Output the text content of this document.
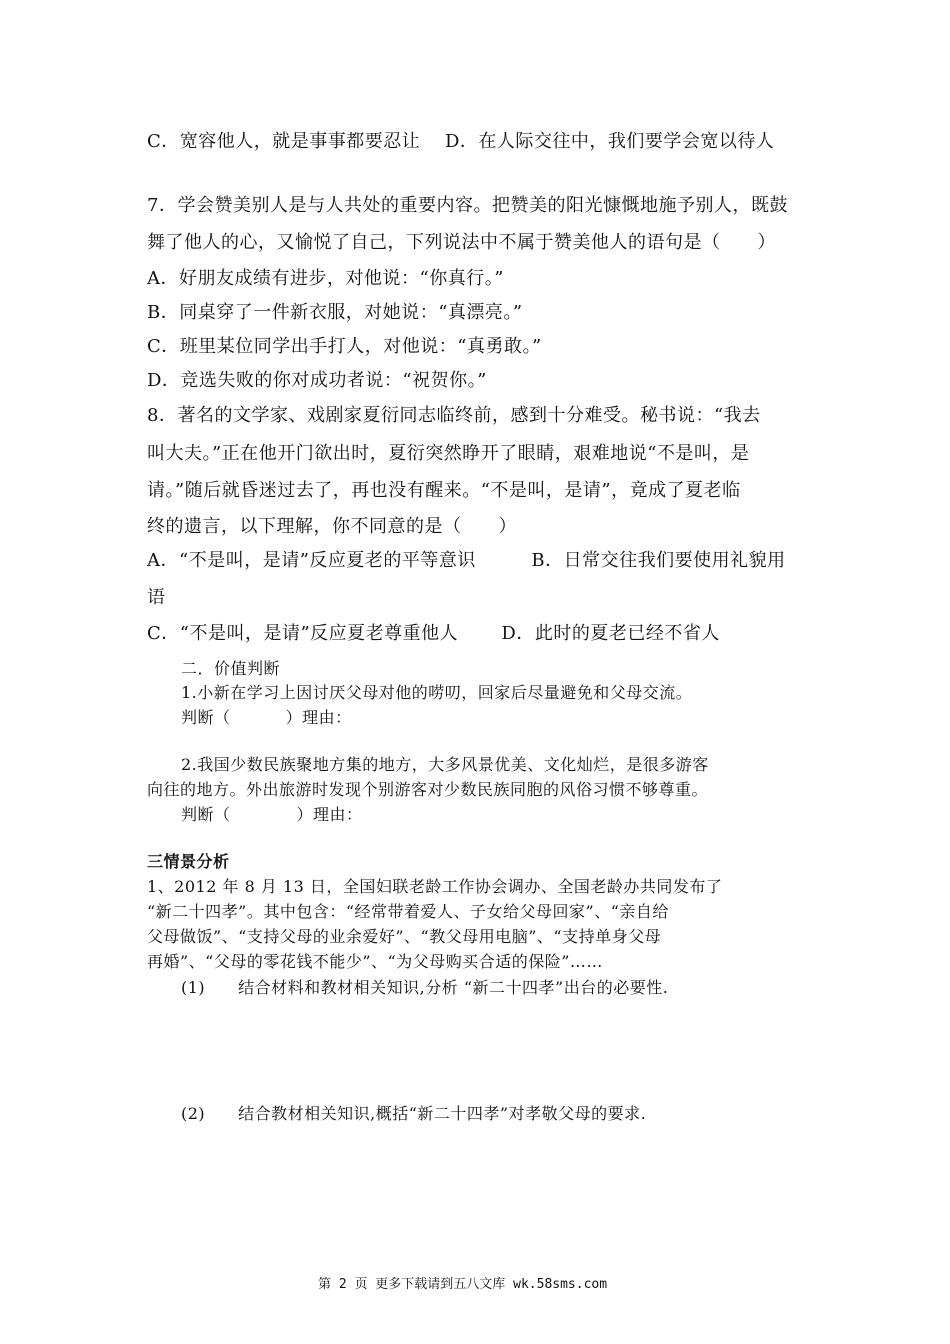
C．宽容他人，就是事事都要忍让　 D．在人际交往中，我们要学会宽以待人
7．学会赞美别人是与人共处的重要内容。把赞美的阳光慷慨地施予别人，既鼓
舞了他人的心，又愉悦了自己，下列说法中不属于赞美他人的语句是（　　）
A．好朋友成绩有进步，对他说：“你真行。”
B．同桌穿了一件新衣服，对她说：“真漂亮。”
C．班里某位同学出手打人，对他说：“真勇敢。”
D．竞选失败的你对成功者说：“祝贺你。”
8．著名的文学家、戏剧家夏衍同志临终前，感到十分难受。秘书说：“我去
叫大夫。”正在他开门欲出时，夏衍突然睁开了眼睛，艰难地说“不是叫，是
请。”随后就昏迷过去了，再也没有醒来。“不是叫，是请”，竟成了夏老临
终的遗言，以下理解，你不同意的是（　　）
A．“不是叫，是请”反应夏老的平等意识　　　B．日常交往我们要使用礼貌用
语
C．“不是叫，是请”反应夏老尊重他人　　 D．此时的夏老已经不省人
二．价值判断
1.小新在学习上因讨厌父母对他的唠叨，回家后尽量避免和父母交流。
判断（　　　 ）理由：
2.我国少数民族聚地方集的地方，大多风景优美、文化灿烂，是很多游客
向往的地方。外出旅游时发现个别游客对少数民族同胞的风俗习惯不够尊重。
判断（　　　　）理由：
三情景分析
1、2012 年 8 月 13 日，全国妇联老龄工作协会调办、全国老龄办共同发布了
“新二十四孝”。其中包含：“经常带着爱人、子女给父母回家”、“亲自给
父母做饭”、“支持父母的业余爱好”、“教父母用电脑”、“支持单身父母
再婚”、“父母的零花钱不能少”、“为父母购买合适的保险”……
(1)　　结合材料和教材相关知识,分析 “新二十四孝”出台的必要性.
(2)　　结合教材相关知识,概括“新二十四孝”对孝敬父母的要求.
第 2 页 更多下载请到五八文库 wk.58sms.com
